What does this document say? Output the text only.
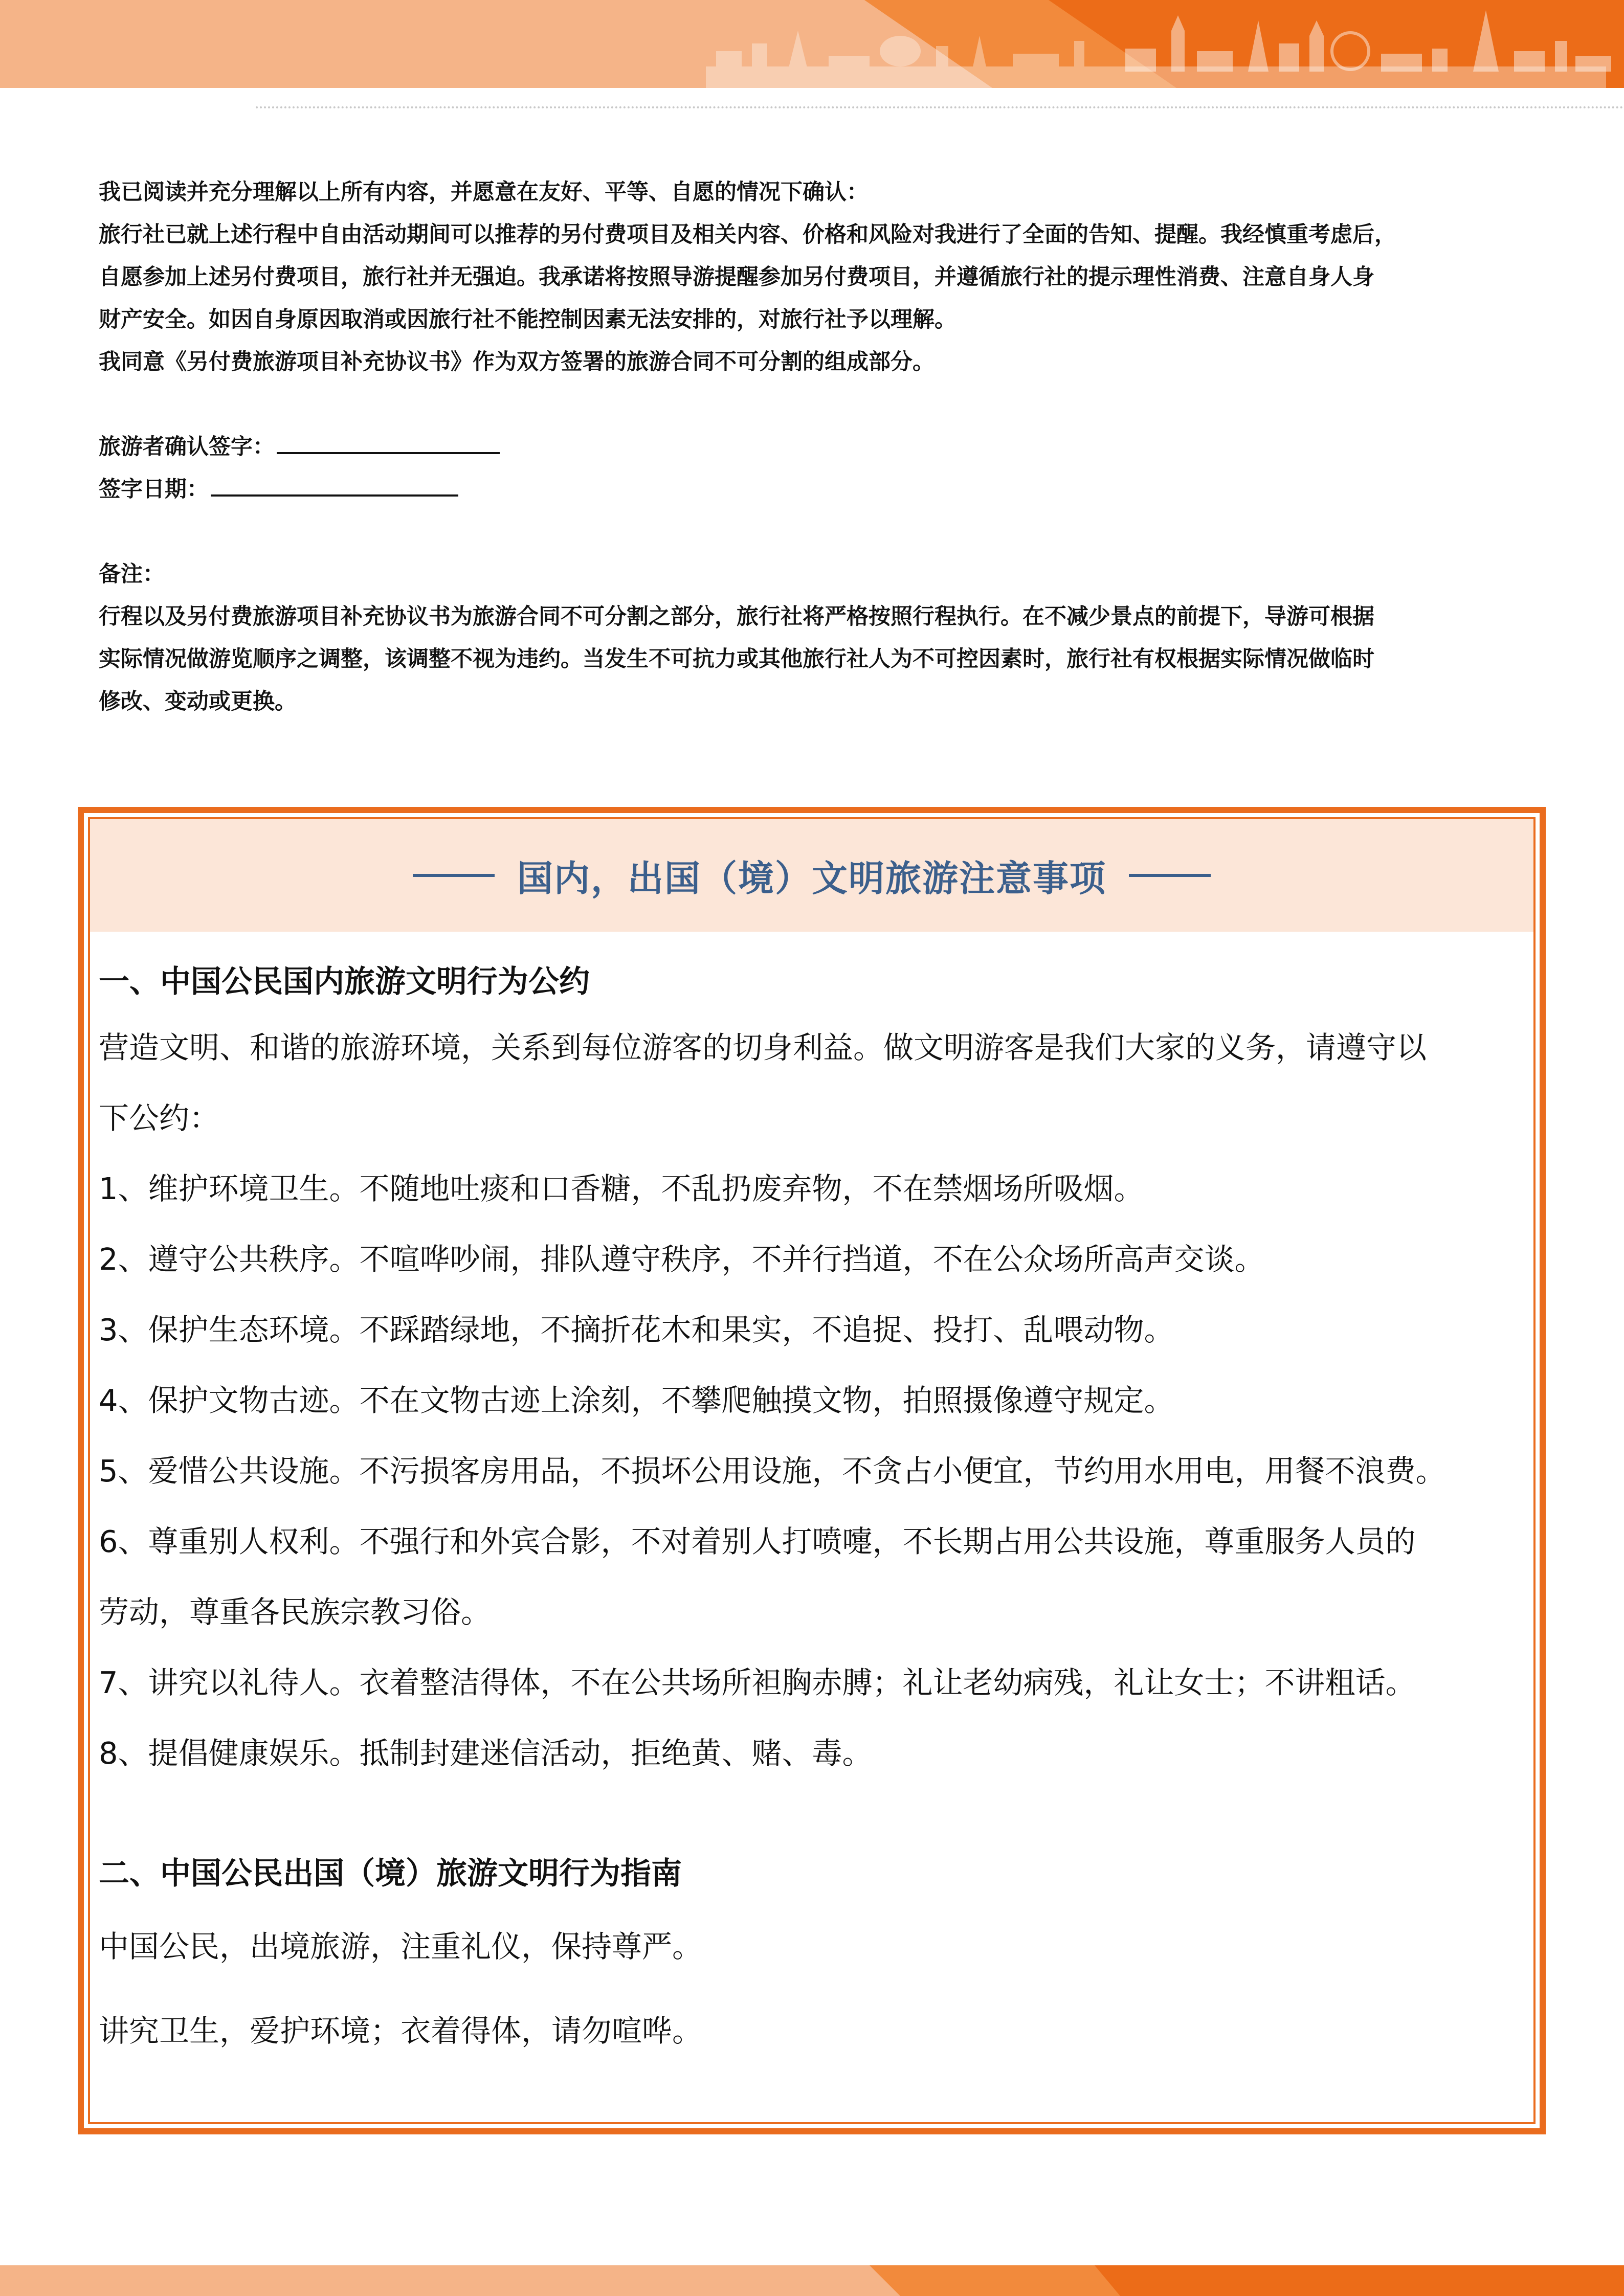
我已阅读并充分理解以上所有内容，并愿意在友好、平等、自愿的情况下确认：

旅行社已就上述行程中自由活动期间可以推荐的另付费项目及相关内容、价格和风险对我进行了全面的告知、提醒。我经慎重考虑后，

自愿参加上述另付费项目，旅行社并无强迫。我承诺将按照导游提醒参加另付费项目，并遵循旅行社的提示理性消费、注意自身人身

财产安全。如因自身原因取消或因旅行社不能控制因素无法安排的，对旅行社予以理解。

我同意《另付费旅游项目补充协议书》作为双方签署的旅游合同不可分割的组成部分。

旅游者确认签字：

签字日期：

备注：

行程以及另付费旅游项目补充协议书为旅游合同不可分割之部分，旅行社将严格按照行程执行。在不减少景点的前提下，导游可根据

实际情况做游览顺序之调整，该调整不视为违约。当发生不可抗力或其他旅行社人为不可控因素时，旅行社有权根据实际情况做临时

修改、变动或更换。

国内，出国（境）文明旅游注意事项
一、中国公民国内旅游文明行为公约

营造文明、和谐的旅游环境，关系到每位游客的切身利益。做文明游客是我们大家的义务，请遵守以

下公约：

1、维护环境卫生。不随地吐痰和口香糖，不乱扔废弃物，不在禁烟场所吸烟。

2、遵守公共秩序。不喧哗吵闹，排队遵守秩序，不并行挡道，不在公众场所高声交谈。

3、保护生态环境。不踩踏绿地，不摘折花木和果实，不追捉、投打、乱喂动物。

4、保护文物古迹。不在文物古迹上涂刻，不攀爬触摸文物，拍照摄像遵守规定。

5、爱惜公共设施。不污损客房用品，不损坏公用设施，不贪占小便宜，节约用水用电，用餐不浪费。

6、尊重别人权利。不强行和外宾合影，不对着别人打喷嚏，不长期占用公共设施，尊重服务人员的

劳动，尊重各民族宗教习俗。

7、讲究以礼待人。衣着整洁得体，不在公共场所袒胸赤膊；礼让老幼病残，礼让女士；不讲粗话。

8、提倡健康娱乐。抵制封建迷信活动，拒绝黄、赌、毒。

二、中国公民出国（境）旅游文明行为指南

中国公民，出境旅游，注重礼仪，保持尊严。

讲究卫生，爱护环境；衣着得体，请勿喧哗。
